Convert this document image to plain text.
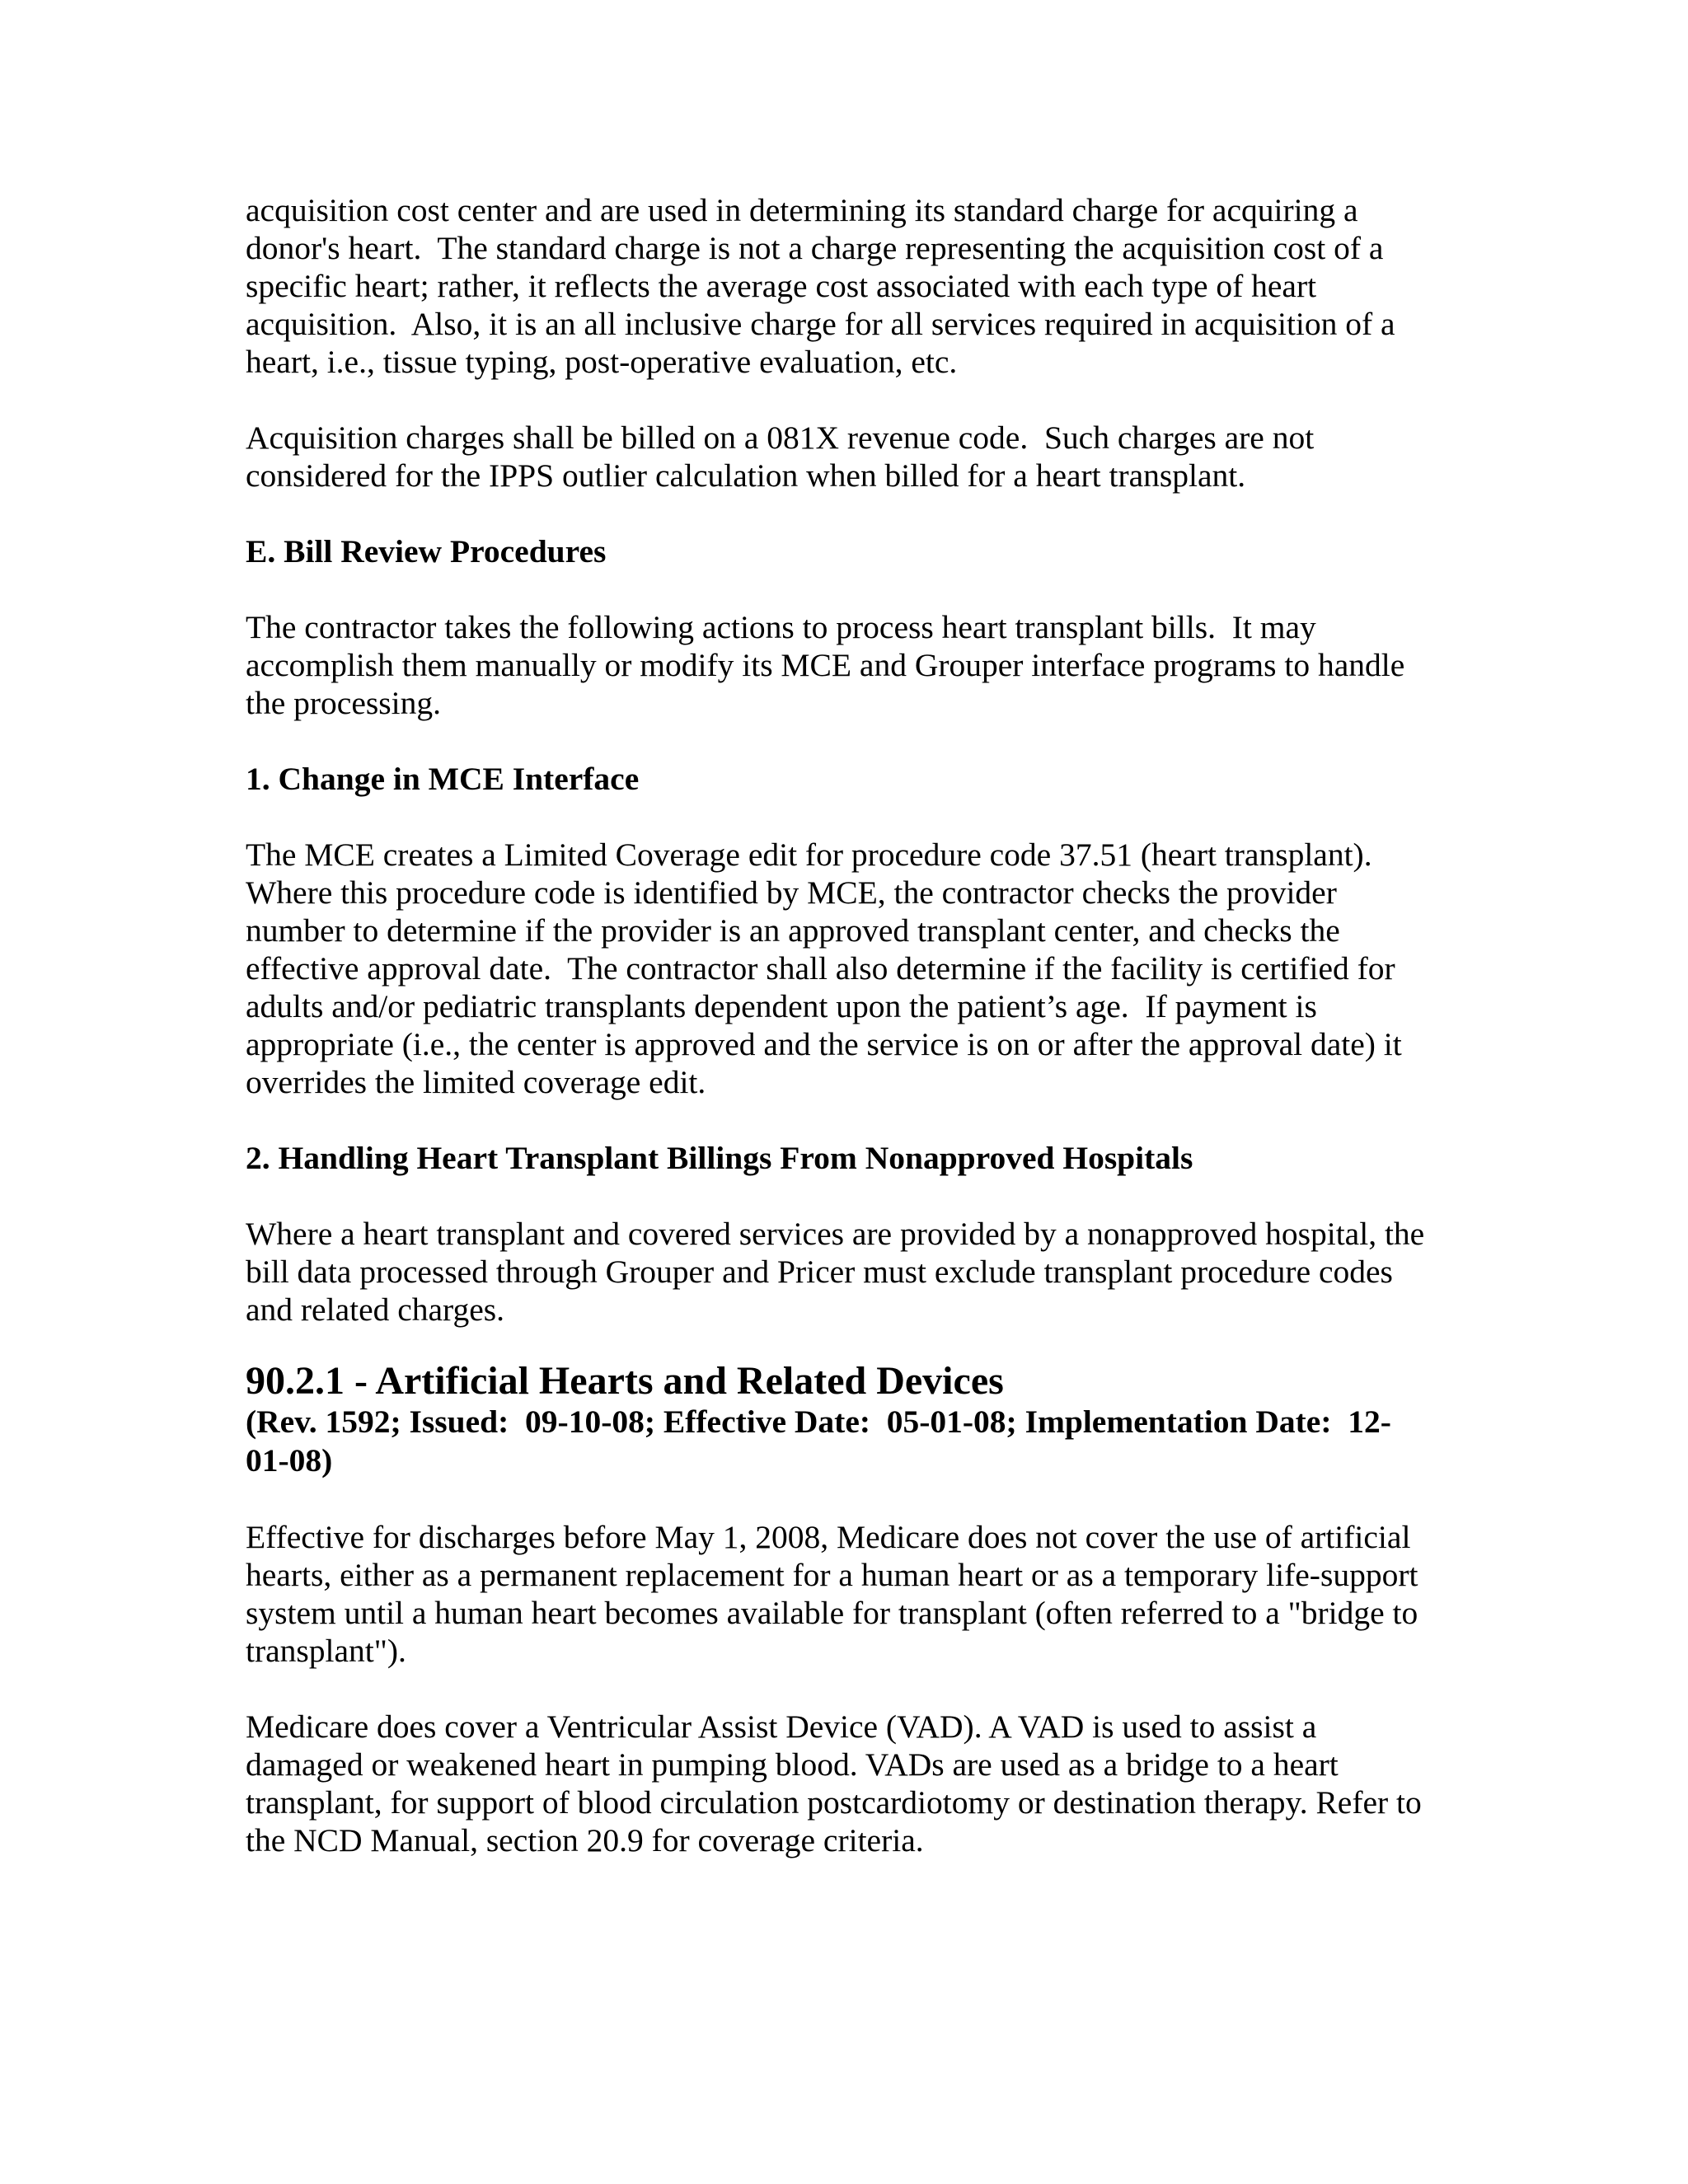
acquisition cost center and are used in determining its standard charge for acquiring a
donor's heart.  The standard charge is not a charge representing the acquisition cost of a
specific heart; rather, it reflects the average cost associated with each type of heart
acquisition.  Also, it is an all inclusive charge for all services required in acquisition of a
heart, i.e., tissue typing, post-operative evaluation, etc.

Acquisition charges shall be billed on a 081X revenue code.  Such charges are not
considered for the IPPS outlier calculation when billed for a heart transplant.

E. Bill Review Procedures

The contractor takes the following actions to process heart transplant bills.  It may
accomplish them manually or modify its MCE and Grouper interface programs to handle
the processing.

1. Change in MCE Interface

The MCE creates a Limited Coverage edit for procedure code 37.51 (heart transplant).
Where this procedure code is identified by MCE, the contractor checks the provider
number to determine if the provider is an approved transplant center, and checks the
effective approval date.  The contractor shall also determine if the facility is certified for
adults and/or pediatric transplants dependent upon the patient’s age.  If payment is
appropriate (i.e., the center is approved and the service is on or after the approval date) it
overrides the limited coverage edit.

2. Handling Heart Transplant Billings From Nonapproved Hospitals

Where a heart transplant and covered services are provided by a nonapproved hospital, the
bill data processed through Grouper and Pricer must exclude transplant procedure codes
and related charges.

90.2.1 - Artificial Hearts and Related Devices

(Rev. 1592; Issued:  09-10-08; Effective Date:  05-01-08; Implementation Date:  12-
01-08)

Effective for discharges before May 1, 2008, Medicare does not cover the use of artificial
hearts, either as a permanent replacement for a human heart or as a temporary life-support
system until a human heart becomes available for transplant (often referred to a "bridge to
transplant").

Medicare does cover a Ventricular Assist Device (VAD). A VAD is used to assist a
damaged or weakened heart in pumping blood. VADs are used as a bridge to a heart
transplant, for support of blood circulation postcardiotomy or destination therapy. Refer to
the NCD Manual, section 20.9 for coverage criteria.
